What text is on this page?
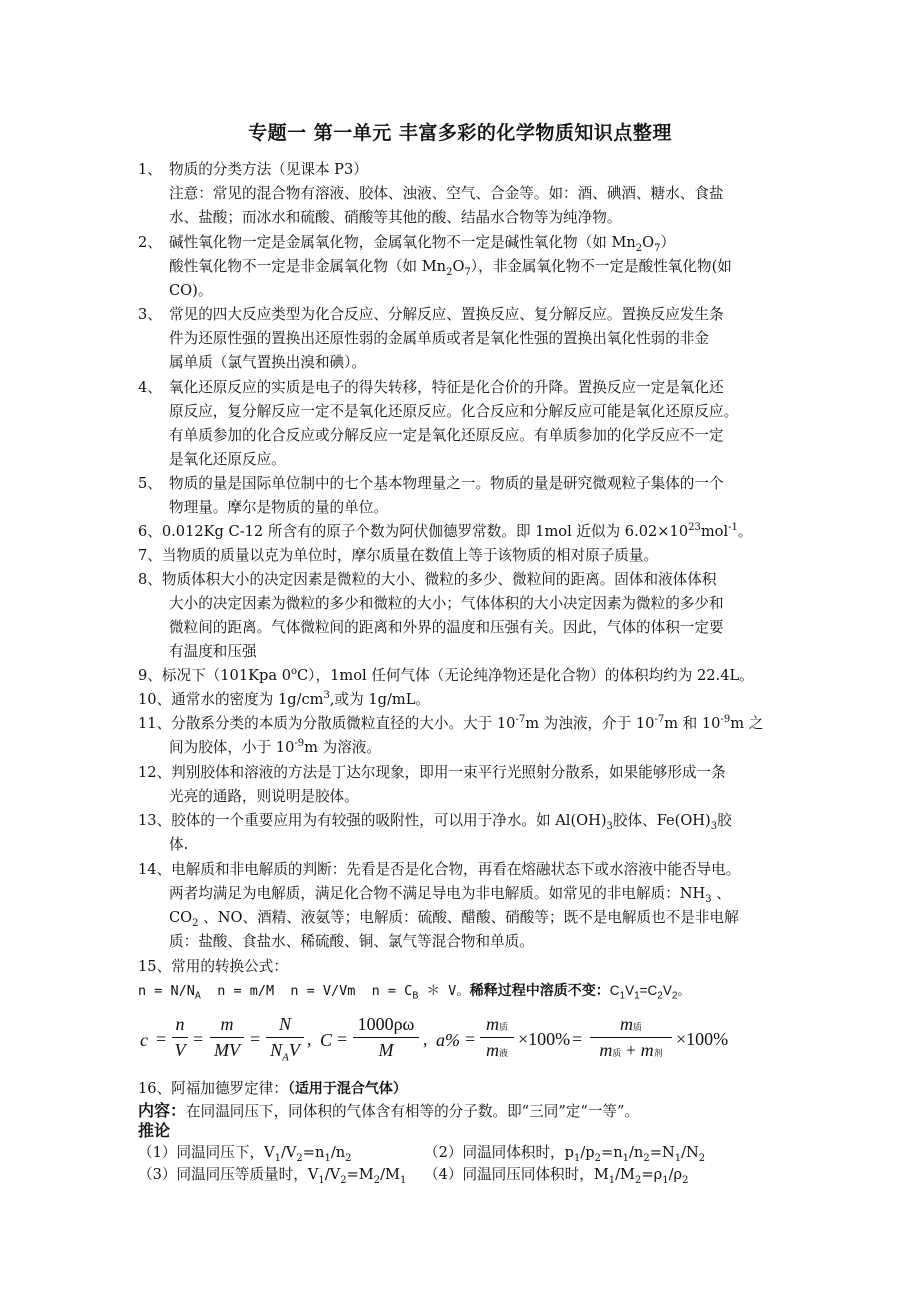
专题一 第一单元 丰富多彩的化学物质知识点整理
1、 物质的分类方法（见课本 P3）
注意：常见的混合物有溶液、胶体、浊液、空气、合金等。如：酒、碘酒、糖水、食盐
水、盐酸；而冰水和硫酸、硝酸等其他的酸、结晶水合物等为纯净物。
2、 碱性氧化物一定是金属氧化物，金属氧化物不一定是碱性氧化物（如 $Mn_2O_7$）
酸性氧化物不一定是非金属氧化物（如 $Mn_2O_7$），非金属氧化物不一定是酸性氧化物(如
CO)。
3、 常见的四大反应类型为化合反应、分解反应、置换反应、复分解反应。置换反应发生条
件为还原性强的置换出还原性弱的金属单质或者是氧化性强的置换出氧化性弱的非金
属单质（氯气置换出溴和碘）。
4、 氧化还原反应的实质是电子的得失转移，特征是化合价的升降。置换反应一定是氧化还
原反应，复分解反应一定不是氧化还原反应。化合反应和分解反应可能是氧化还原反应。
有单质参加的化合反应或分解反应一定是氧化还原反应。有单质参加的化学反应不一定
是氧化还原反应。
5、 物质的量是国际单位制中的七个基本物理量之一。物质的量是研究微观粒子集体的一个
物理量。摩尔是物质的量的单位。
6、0.012Kg C-12 所含有的原子个数为阿伏伽德罗常数。即 1mol 近似为 $6.02\times 10^{23}mol^{-1}$。
7、当物质的质量以克为单位时，摩尔质量在数值上等于该物质的相对原子质量。
8、物质体积大小的决定因素是微粒的大小、微粒的多少、微粒间的距离。固体和液体体积
大小的决定因素为微粒的多少和微粒的大小；气体体积的大小决定因素为微粒的多少和
微粒间的距离。气体微粒间的距离和外界的温度和压强有关。因此，气体的体积一定要
有温度和压强
9、标况下（101Kpa 0$^o$C），1mol 任何气体（无论纯净物还是化合物）的体积均约为 22.4L。
10、通常水的密度为 $1g/cm^3$,或为 1g/mL。
11、分散系分类的本质为分散质微粒直径的大小。大于 $10^{-7}m$ 为浊液，介于 $10^{-7}m$ 和 $10^{-9}m$ 之
间为胶体，小于 $10^{-9}m$ 为溶液。
12、判别胶体和溶液的方法是丁达尔现象，即用一束平行光照射分散系，如果能够形成一条
光亮的通路，则说明是胶体。
13、胶体的一个重要应用为有较强的吸附性，可以用于净水。如 $Al(OH)_3$胶体、$Fe(OH)_3$胶
体.
14、电解质和非电解质的判断：先看是否是化合物，再看在熔融状态下或水溶液中能否导电。
两者均满足为电解质，满足化合物不满足导电为非电解质。如常见的非电解质：$NH_3$ 、
$CO_2$ 、NO、酒精、液氨等；电解质：硫酸、醋酸、硝酸等；既不是电解质也不是非电解
质：盐酸、食盐水、稀硫酸、铜、氯气等混合物和单质。
15、常用的转换公式：
$n = N/N_A$ n = m/M n = V/Vm $n = C_B$ ＊ V。稀释过程中溶质不变：$C_1V_1=C_2V_2$。
c =
n
V
=
m
MV
=
N
$N_AV$
, C =
1000ρω
M
, a% =
m质
m液
×100% =
m质
m质 + m剂
×100%
16、阿福加德罗定律：（适用于混合气体）
内容：在同温同压下，同体积的气体含有相等的分子数。即“三同”定“一等”。
推论
（1）同温同压下，$V_1/V_2=n_1/n_2$	（2）同温同体积时，$p_1/p_2=n_1/n_2=N_1/N_2$
（3）同温同压等质量时，$V_1/V_2=M_2/M_1$ （4）同温同压同体积时，$M_1/M_2=\rho_1/\rho_2$
